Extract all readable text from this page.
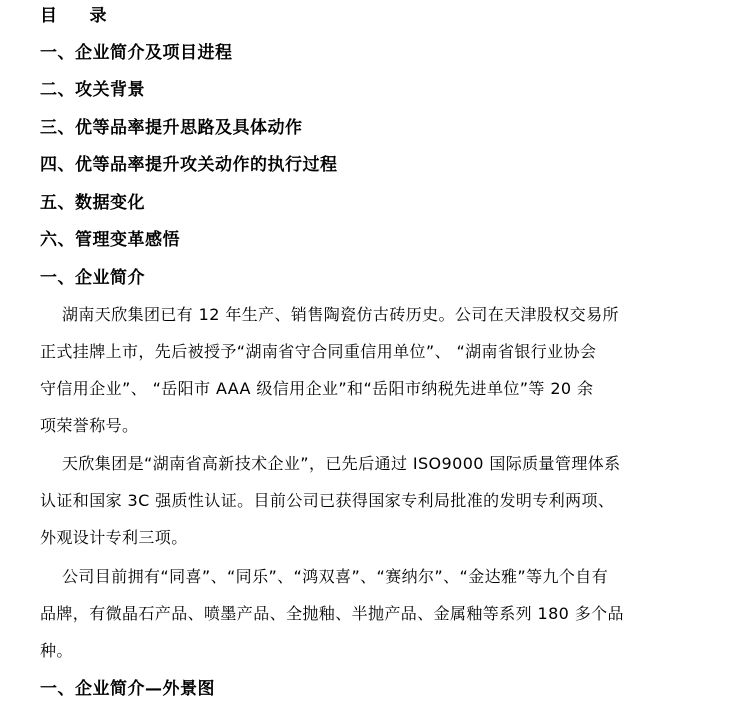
目 录
一、企业简介及项目进程
二、攻关背景
三、优等品率提升思路及具体动作
四、优等品率提升攻关动作的执行过程
五、数据变化
六、管理变革感悟
一、企业简介
湖南天欣集团已有 12 年生产、销售陶瓷仿古砖历史。公司在天津股权交易所
正式挂牌上市，先后被授予“湖南省守合同重信用单位”、 “湖南省银行业协会
守信用企业”、 “岳阳市 AAA 级信用企业”和“岳阳市纳税先进单位”等 20 余
项荣誉称号。
天欣集团是“湖南省高新技术企业”，已先后通过 ISO9000 国际质量管理体系
认证和国家 3C 强质性认证。目前公司已获得国家专利局批准的发明专利两项、
外观设计专利三项。
公司目前拥有“同喜”、“同乐”、“鸿双喜”、“赛纳尔”、“金达雅”等九个自有
品牌，有微晶石产品、喷墨产品、全抛釉、半抛产品、金属釉等系列 180 多个品
种。
一、企业简介—外景图
